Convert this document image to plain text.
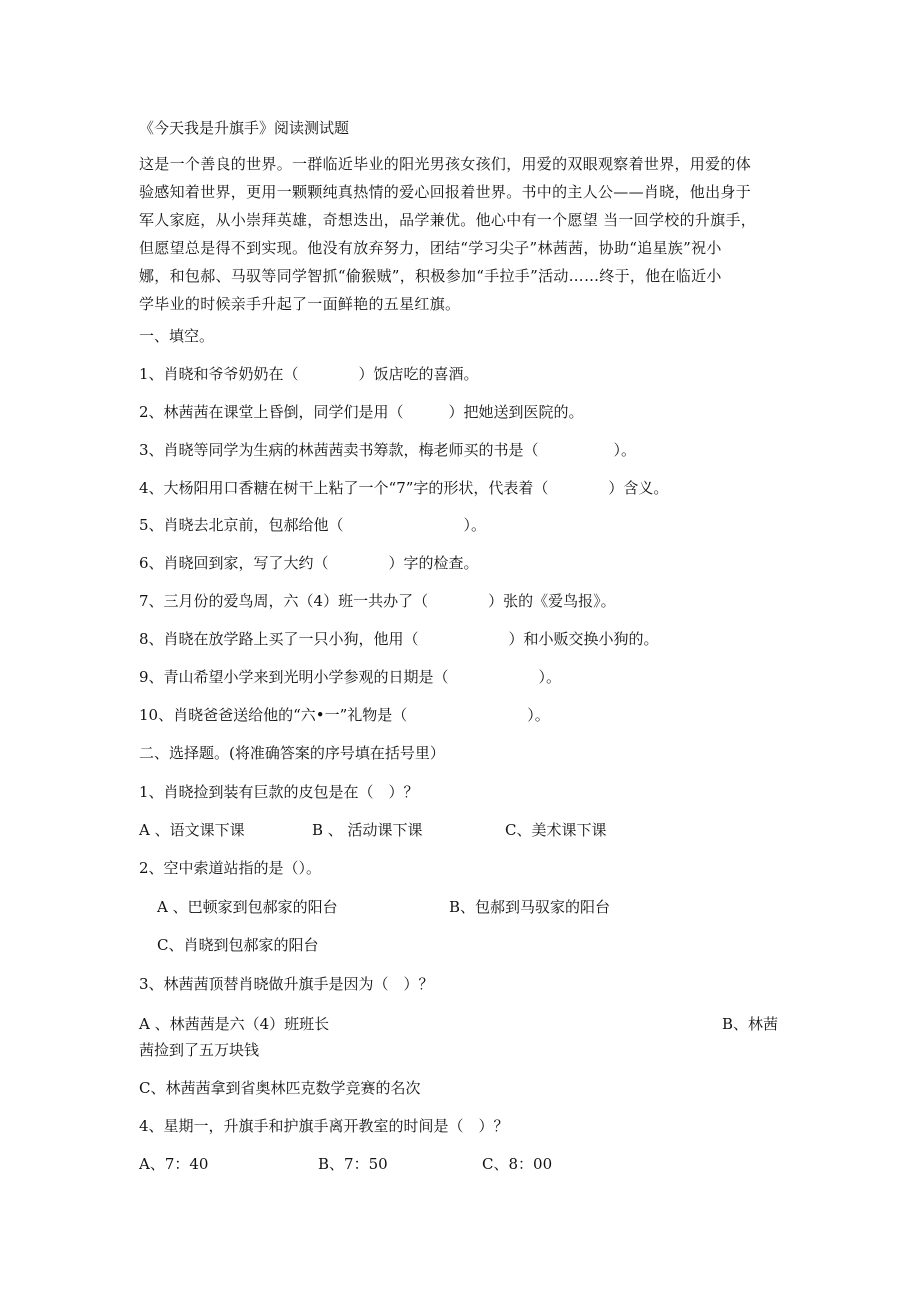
《今天我是升旗手》阅读测试题

这是一个善良的世界。一群临近毕业的阳光男孩女孩们，用爱的双眼观察着世界，用爱的体

验感知着世界，更用一颗颗纯真热情的爱心回报着世界。书中的主人公——肖晓，他出身于

军人家庭，从小崇拜英雄，奇想迭出，品学兼优。他心中有一个愿望 当一回学校的升旗手，

但愿望总是得不到实现。他没有放弃努力，团结“学习尖子”林茜茜，协助“追星族”祝小

娜，和包郝、马驭等同学智抓“偷猴贼”，积极参加“手拉手”活动……终于，他在临近小

学毕业的时候亲手升起了一面鲜艳的五星红旗。

一、填空。
1、肖晓和爷爷奶奶在（　　　　）饭店吃的喜酒。
2、林茜茜在课堂上昏倒，同学们是用（　　　）把她送到医院的。
3、肖晓等同学为生病的林茜茜卖书筹款，梅老师买的书是（　　　　　）。
4、大杨阳用口香糖在树干上粘了一个“7”字的形状，代表着（　　　　）含义。
5、肖晓去北京前，包郝给他（　　　　　　　　）。
6、肖晓回到家，写了大约（　　　　）字的检查。
7、三月份的爱鸟周，六（4）班一共办了（　　　　）张的《爱鸟报》。
8、肖晓在放学路上买了一只小狗，他用（　　　　　　）和小贩交换小狗的。
9、青山希望小学来到光明小学参观的日期是（　　　　　　）。
10、肖晓爸爸送给他的“六•一”礼物是（　　　　　　　　）。
二、选择题。(将准确答案的序号填在括号里）
1、肖晓捡到装有巨款的皮包是在（　）？
A 、语文课下课	B 、 活动课下课	C、美术课下课
2、空中索道站指的是（）。
A 、巴顿家到包郝家的阳台	B、包郝到马驭家的阳台
C、肖晓到包郝家的阳台
3、林茜茜顶替肖晓做升旗手是因为（　）？
A 、林茜茜是六（4）班班长	B、林茜
茜捡到了五万块钱
C、林茜茜拿到省奥林匹克数学竞赛的名次
4、星期一，升旗手和护旗手离开教室的时间是（　）？
A、7：40	B、7：50	C、8：00
